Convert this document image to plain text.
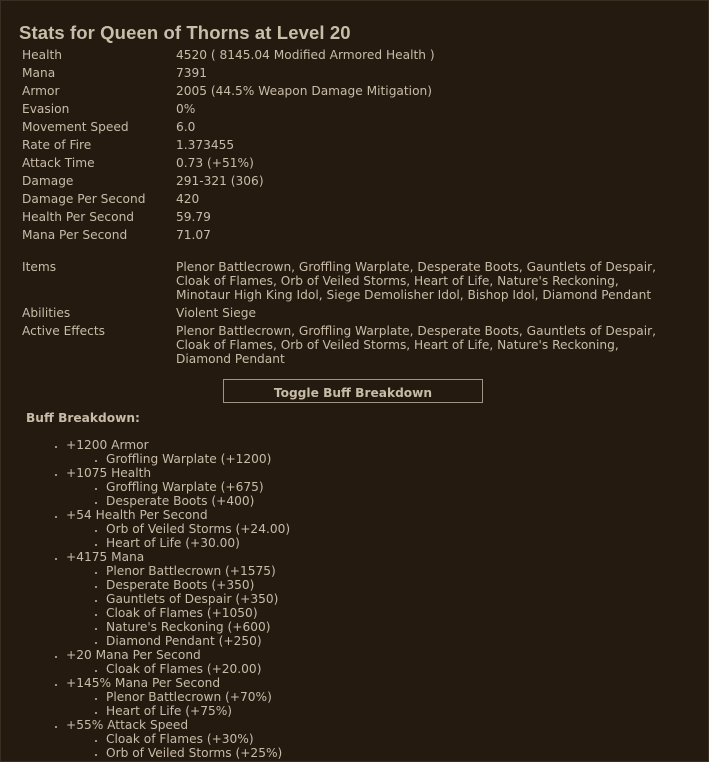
Stats for Queen of Thorns at Level 20
Health	4520 ( 8145.04 Modified Armored Health )
Mana	7391
Armor	2005 (44.5% Weapon Damage Mitigation)
Evasion	0%
Movement Speed	6.0
Rate of Fire	1.373455
Attack Time	0.73 (+51%)
Damage	291-321 (306)
Damage Per Second	420
Health Per Second	59.79
Mana Per Second	71.07

Items	Plenor Battlecrown, Groffling Warplate, Desperate Boots, Gauntlets of Despair,
Cloak of Flames, Orb of Veiled Storms, Heart of Life, Nature's Reckoning,
Minotaur High King Idol, Siege Demolisher Idol, Bishop Idol, Diamond Pendant

Abilities	Violent Siege
Active Effects	Plenor Battlecrown, Groffling Warplate, Desperate Boots, Gauntlets of Despair,
Cloak of Flames, Orb of Veiled Storms, Heart of Life, Nature's Reckoning,
Diamond Pendant
Toggle Buff Breakdown
Buff Breakdown:
• +1200 Armor
• Groffling Warplate (+1200)
• +1075 Health
• Groffling Warplate (+675)
• Desperate Boots (+400)
• +54 Health Per Second
• Orb of Veiled Storms (+24.00)
• Heart of Life (+30.00)
• +4175 Mana
• Plenor Battlecrown (+1575)
• Desperate Boots (+350)
• Gauntlets of Despair (+350)
• Cloak of Flames (+1050)
• Nature's Reckoning (+600)
• Diamond Pendant (+250)
• +20 Mana Per Second
• Cloak of Flames (+20.00)
• +145% Mana Per Second
• Plenor Battlecrown (+70%)
• Heart of Life (+75%)
• +55% Attack Speed
• Cloak of Flames (+30%)
• Orb of Veiled Storms (+25%)
